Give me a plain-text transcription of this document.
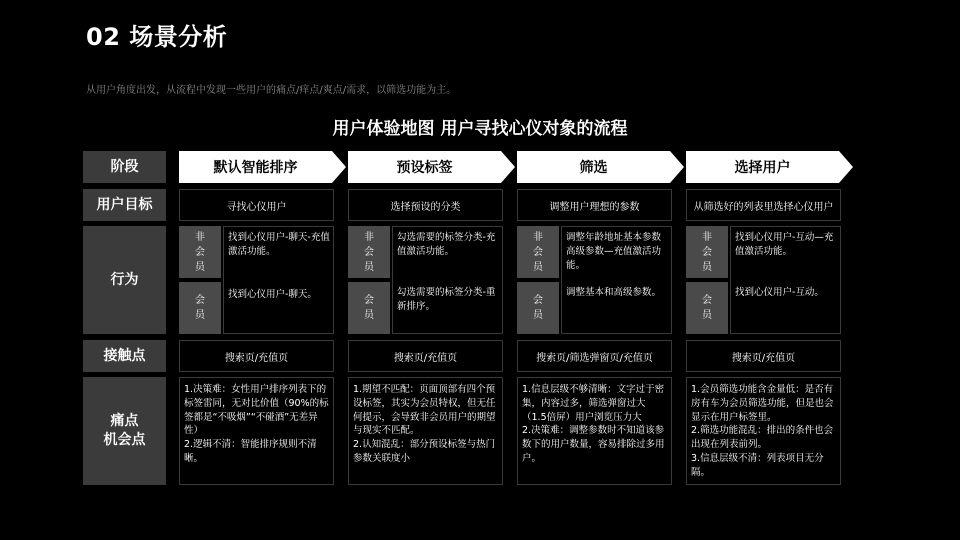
02 场景分析
从用户角度出发，从流程中发现一些用户的痛点/痒点/爽点/需求，以筛选功能为主。
用户体验地图 用户寻找心仪对象的流程
阶段
用户目标
行为
接触点
痛点
机会点
默认智能排序
寻找心仪用户
非
会
员
会
员
找到心仪用户-聊天-充值激活功能。
找到心仪用户-聊天。
搜索页/充值页
1.决策难：女性用户排序列表下的标签雷同，无对比价值（90%的标签都是“不吸烟”“不碰酒”无差异性）
2.逻辑不清：智能排序规则不清晰。
预设标签
选择预设的分类
非
会
员
会
员
勾选需要的标签分类-充值激活功能。
勾选需要的标签分类-重新排序。
搜索页/充值页
1.期望不匹配：页面顶部有四个预设标签，其实为会员特权，但无任何提示，会导致非会员用户的期望与现实不匹配。
2.认知混乱：部分预设标签与热门参数关联度小
筛选
调整用户理想的参数
非
会
员
会
员
调整年龄地址基本参数高级参数—充值激活功能。
调整基本和高级参数。
搜索页/筛选弹窗页/充值页
1.信息层级不够清晰：文字过于密集，内容过多，筛选弹窗过大（1.5倍屏）用户浏览压力大
2.决策难：调整参数时不知道该参数下的用户数量，容易排除过多用户。
选择用户
从筛选好的列表里选择心仪用户
非
会
员
会
员
找到心仪用户-互动—充值激活功能。
找到心仪用户-互动。
搜索页/充值页
1.会员筛选功能含金量低：是否有房有车为会员筛选功能，但是也会显示在用户标签里。
2.筛选功能混乱：排出的条件也会出现在列表前列。
3.信息层级不清：列表项目无分隔。
